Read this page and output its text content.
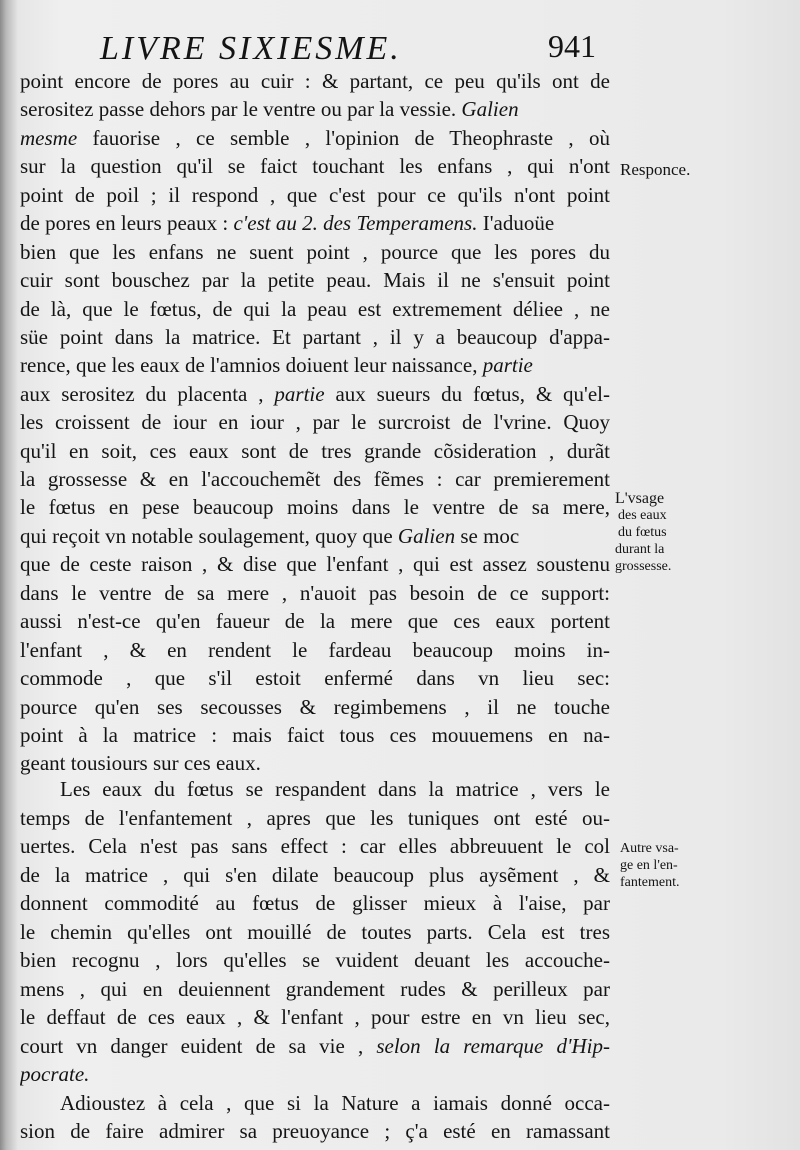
LIVRE SIXIESME.	941
point encore de pores au cuir : & partant, ce peu qu'ils ont de
serositez passe dehors par le ventre ou par la vessie. Galien
mesme fauorise , ce semble , l'opinion de Theophraste , où
sur la question qu'il se faict touchant les enfans , qui n'ont
point de poil ; il respond , que c'est pour ce qu'ils n'ont point
de pores en leurs peaux : c'est au 2. des Temperamens. I'aduoüe
bien que les enfans ne suent point , pource que les pores du
cuir sont bouschez par la petite peau. Mais il ne s'ensuit point
de là, que le fœtus, de qui la peau est extremement déliee , ne
süe point dans la matrice. Et partant , il y a beaucoup d'appa-
rence, que les eaux de l'amnios doiuent leur naissance, partie
aux serositez du placenta , partie aux sueurs du fœtus, & qu'el-
les croissent de iour en iour , par le surcroist de l'vrine. Quoy
qu'il en soit, ces eaux sont de tres grande cõsideration , durãt
la grossesse & en l'accouchemẽt des fẽmes : car premierement
le fœtus en pese beaucoup moins dans le ventre de sa mere,
qui reçoit vn notable soulagement, quoy que Galien se moc
que de ceste raison , & dise que l'enfant , qui est assez soustenu
dans le ventre de sa mere , n'auoit pas besoin de ce support:
aussi n'est-ce qu'en faueur de la mere que ces eaux portent
l'enfant , & en rendent le fardeau beaucoup moins in-
commode , que s'il estoit enfermé dans vn lieu sec:
pource qu'en ses secousses & regimbemens , il ne touche
point à la matrice : mais faict tous ces mouuemens en na-
geant tousiours sur ces eaux.
Les eaux du fœtus se respandent dans la matrice , vers le
temps de l'enfantement , apres que les tuniques ont esté ou-
uertes. Cela n'est pas sans effect : car elles abbreuuent le col
de la matrice , qui s'en dilate beaucoup plus aysẽment , &
donnent commodité au fœtus de glisser mieux à l'aise, par
le chemin qu'elles ont mouillé de toutes parts. Cela est tres
bien recognu , lors qu'elles se vuident deuant les accouche-
mens , qui en deuiennent grandement rudes & perilleux par
le deffaut de ces eaux , & l'enfant , pour estre en vn lieu sec,
court vn danger euident de sa vie , selon la remarque d'Hip-
pocrate.
Adioustez à cela , que si la Nature a iamais donné occa-
sion de faire admirer sa preuoyance ; ç'a esté en ramassant
Responce.
L'vsage
des eaux
du fœtus
durant la
grossesse.
Autre vsa-
ge en l'en-
fantement.
